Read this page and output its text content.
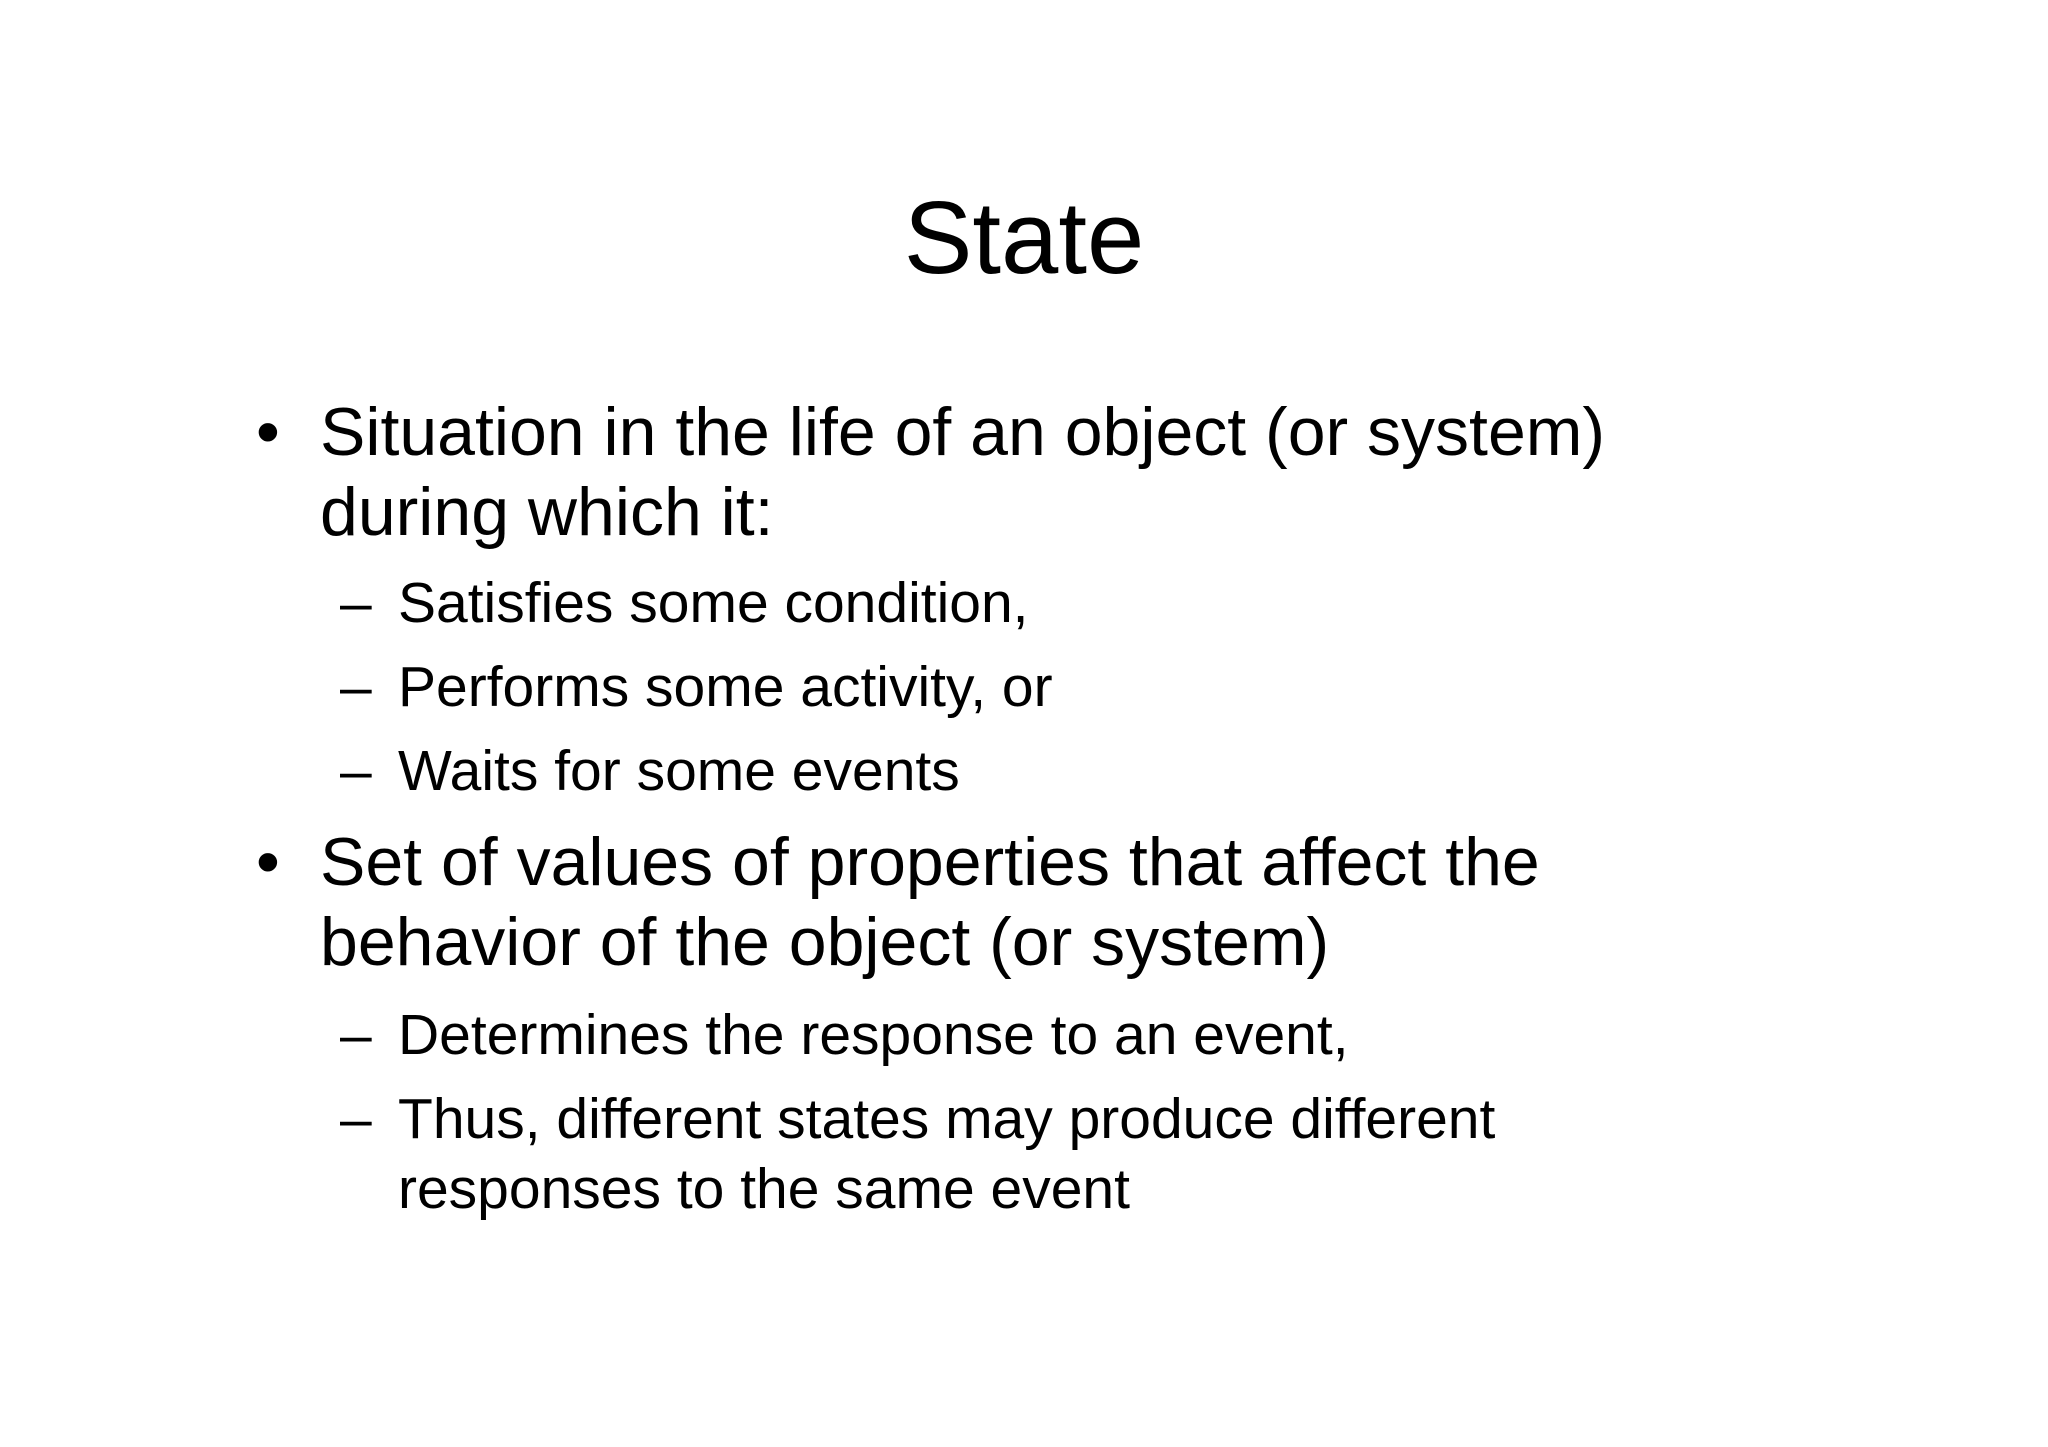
State
• Situation in the life of an object (or system) during which it:
– Satisfies some condition,
– Performs some activity, or
– Waits for some events
• Set of values of properties that affect the behavior of the object (or system)
– Determines the response to an event,
– Thus, different states may produce different responses to the same event
